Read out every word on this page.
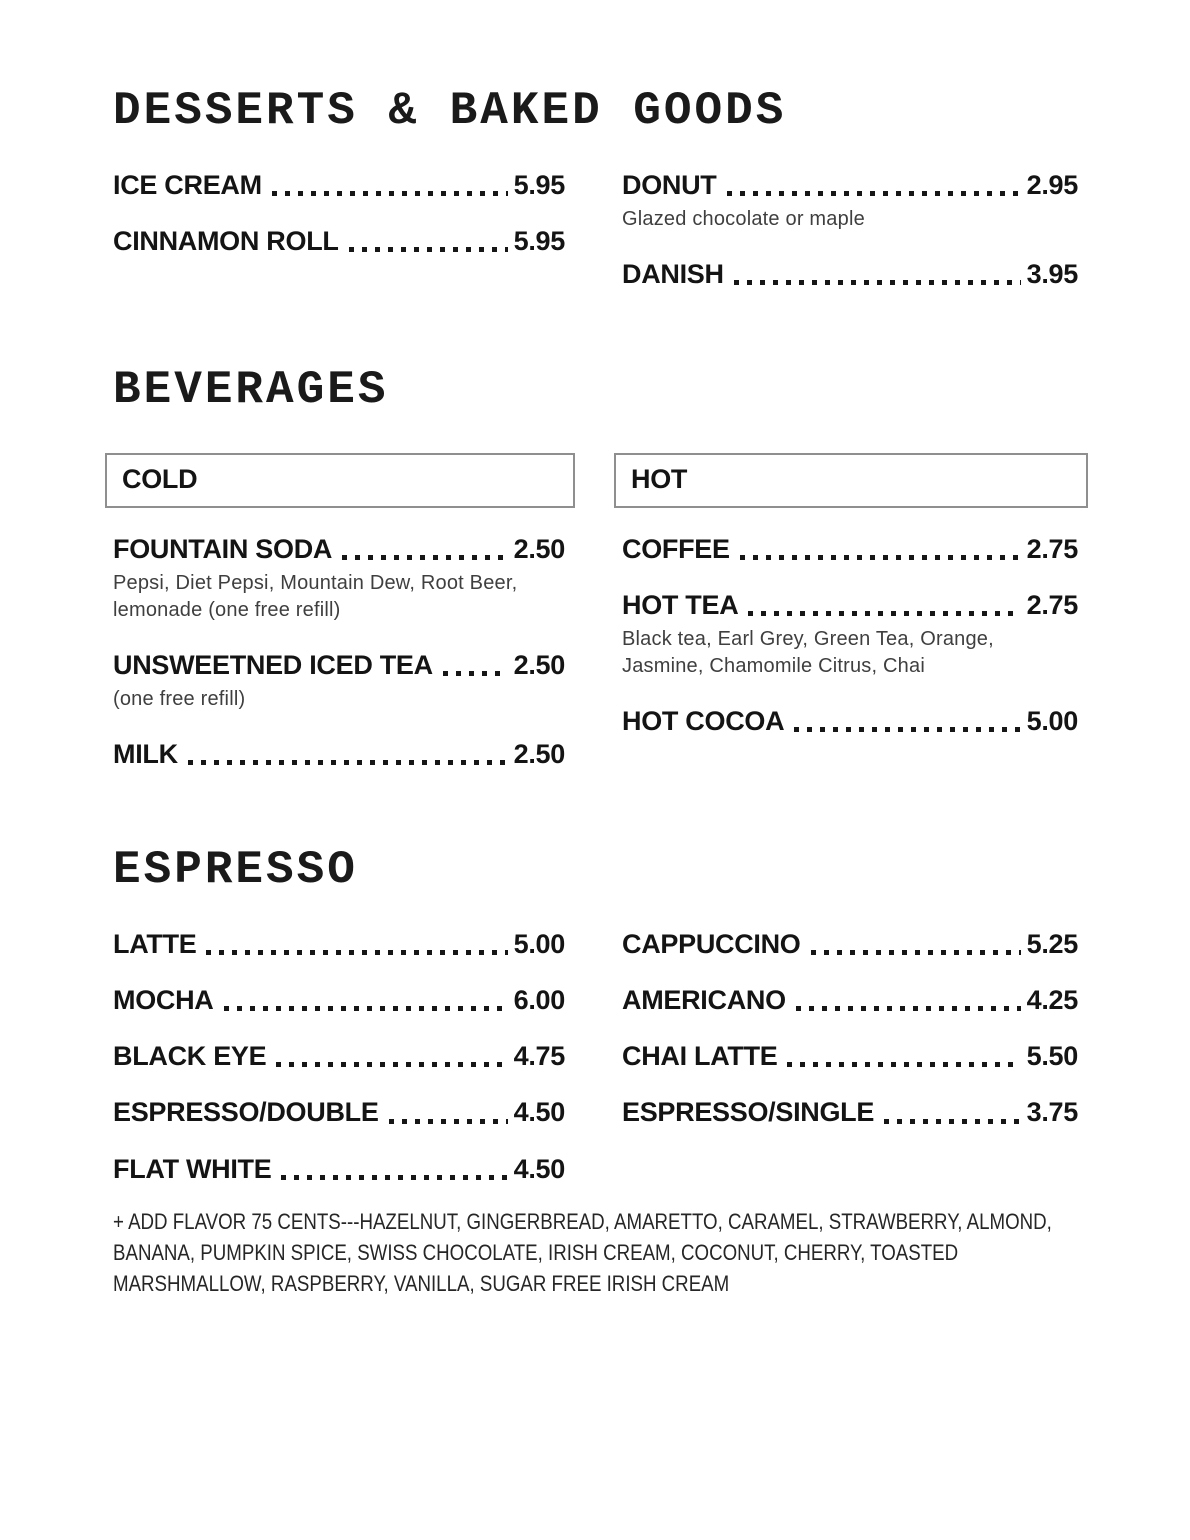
DESSERTS & BAKED GOODS
ICE CREAM	5.95
CINNAMON ROLL	5.95
DONUT	2.95
Glazed chocolate or maple
DANISH	3.95
BEVERAGES
COLD
FOUNTAIN SODA	2.50
Pepsi, Diet Pepsi, Mountain Dew, Root Beer, lemonade (one free refill)
UNSWEETNED ICED TEA	2.50
(one free refill)
MILK	2.50
HOT
COFFEE	2.75
HOT TEA	2.75
Black tea, Earl Grey, Green Tea, Orange, Jasmine, Chamomile Citrus, Chai
HOT COCOA	5.00
ESPRESSO
LATTE	5.00
MOCHA	6.00
BLACK EYE	4.75
ESPRESSO/DOUBLE	4.50
FLAT WHITE	4.50
CAPPUCCINO	5.25
AMERICANO	4.25
CHAI LATTE	5.50
ESPRESSO/SINGLE	3.75

+ ADD FLAVOR 75 CENTS---HAZELNUT, GINGERBREAD, AMARETTO, CARAMEL, STRAWBERRY, ALMOND, BANANA, PUMPKIN SPICE, SWISS CHOCOLATE, IRISH CREAM, COCONUT, CHERRY, TOASTED MARSHMALLOW, RASPBERRY, VANILLA, SUGAR FREE IRISH CREAM
